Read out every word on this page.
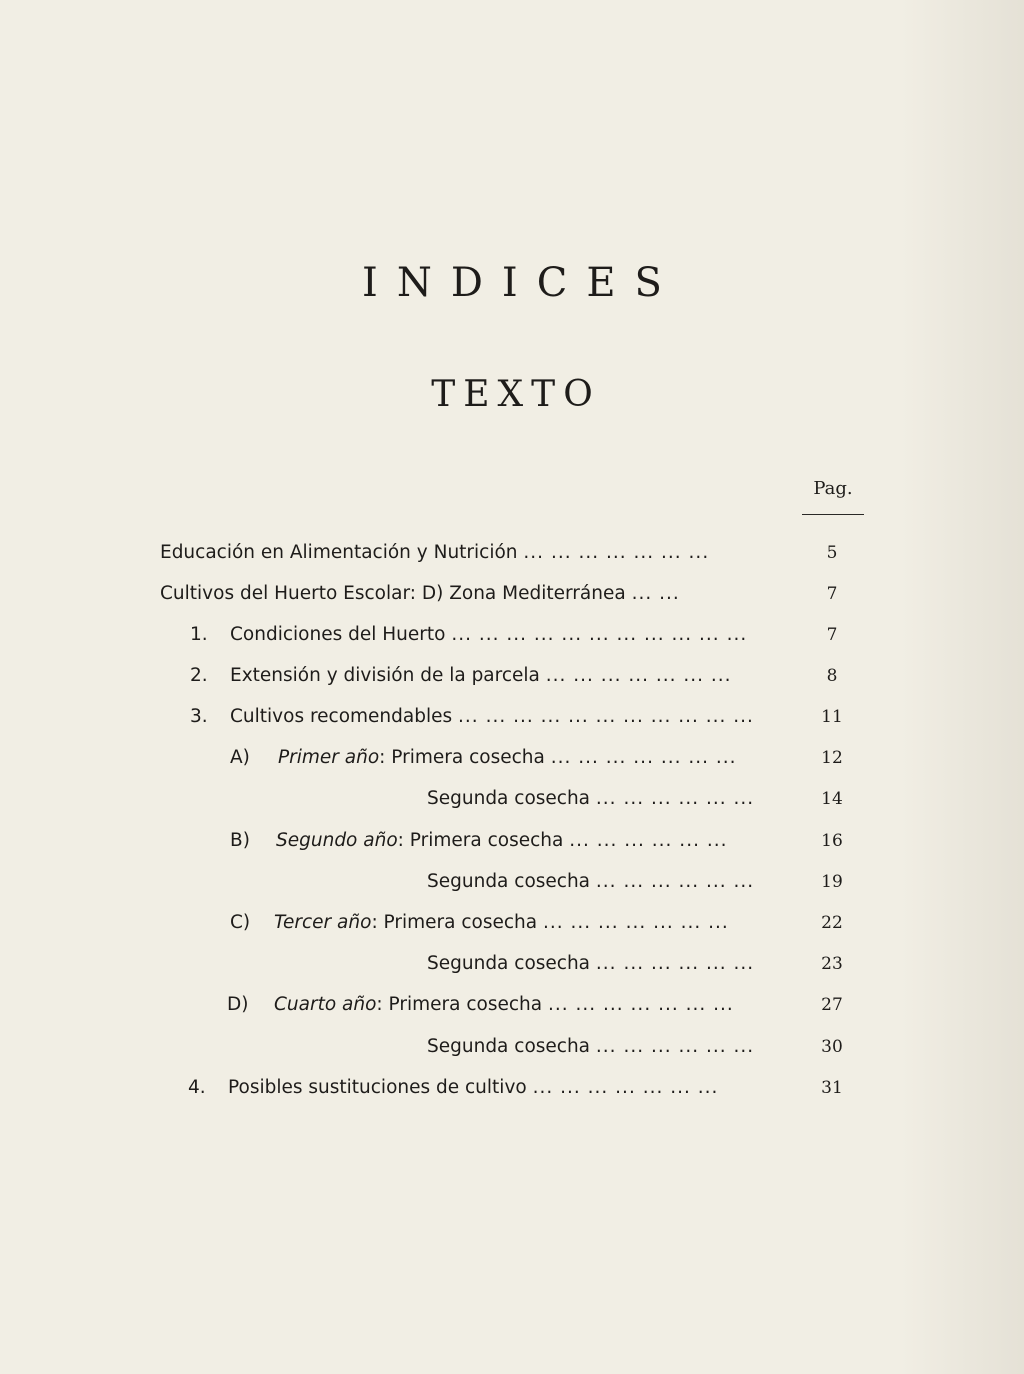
INDICES
TEXTO
Pag.
Educación en Alimentación y Nutrición ... ... ... ... ... ... ...	5
Cultivos del Huerto Escolar: D) Zona Mediterránea ... ...	7
1. Condiciones del Huerto ... ... ... ... ... ... ... ... ... ... ...	7
2. Extensión y división de la parcela ... ... ... ... ... ... ...	8
3. Cultivos recomendables ... ... ... ... ... ... ... ... ... ... ...	11
A) Primer año: Primera cosecha ... ... ... ... ... ... ...	12
Segunda cosecha ... ... ... ... ... ...	14
B) Segundo año: Primera cosecha ... ... ... ... ... ...	16
Segunda cosecha ... ... ... ... ... ...	19
C) Tercer año: Primera cosecha ... ... ... ... ... ... ...	22
Segunda cosecha ... ... ... ... ... ...	23
D) Cuarto año: Primera cosecha ... ... ... ... ... ... ...	27
Segunda cosecha ... ... ... ... ... ...	30
4. Posibles sustituciones de cultivo ... ... ... ... ... ... ...	31
